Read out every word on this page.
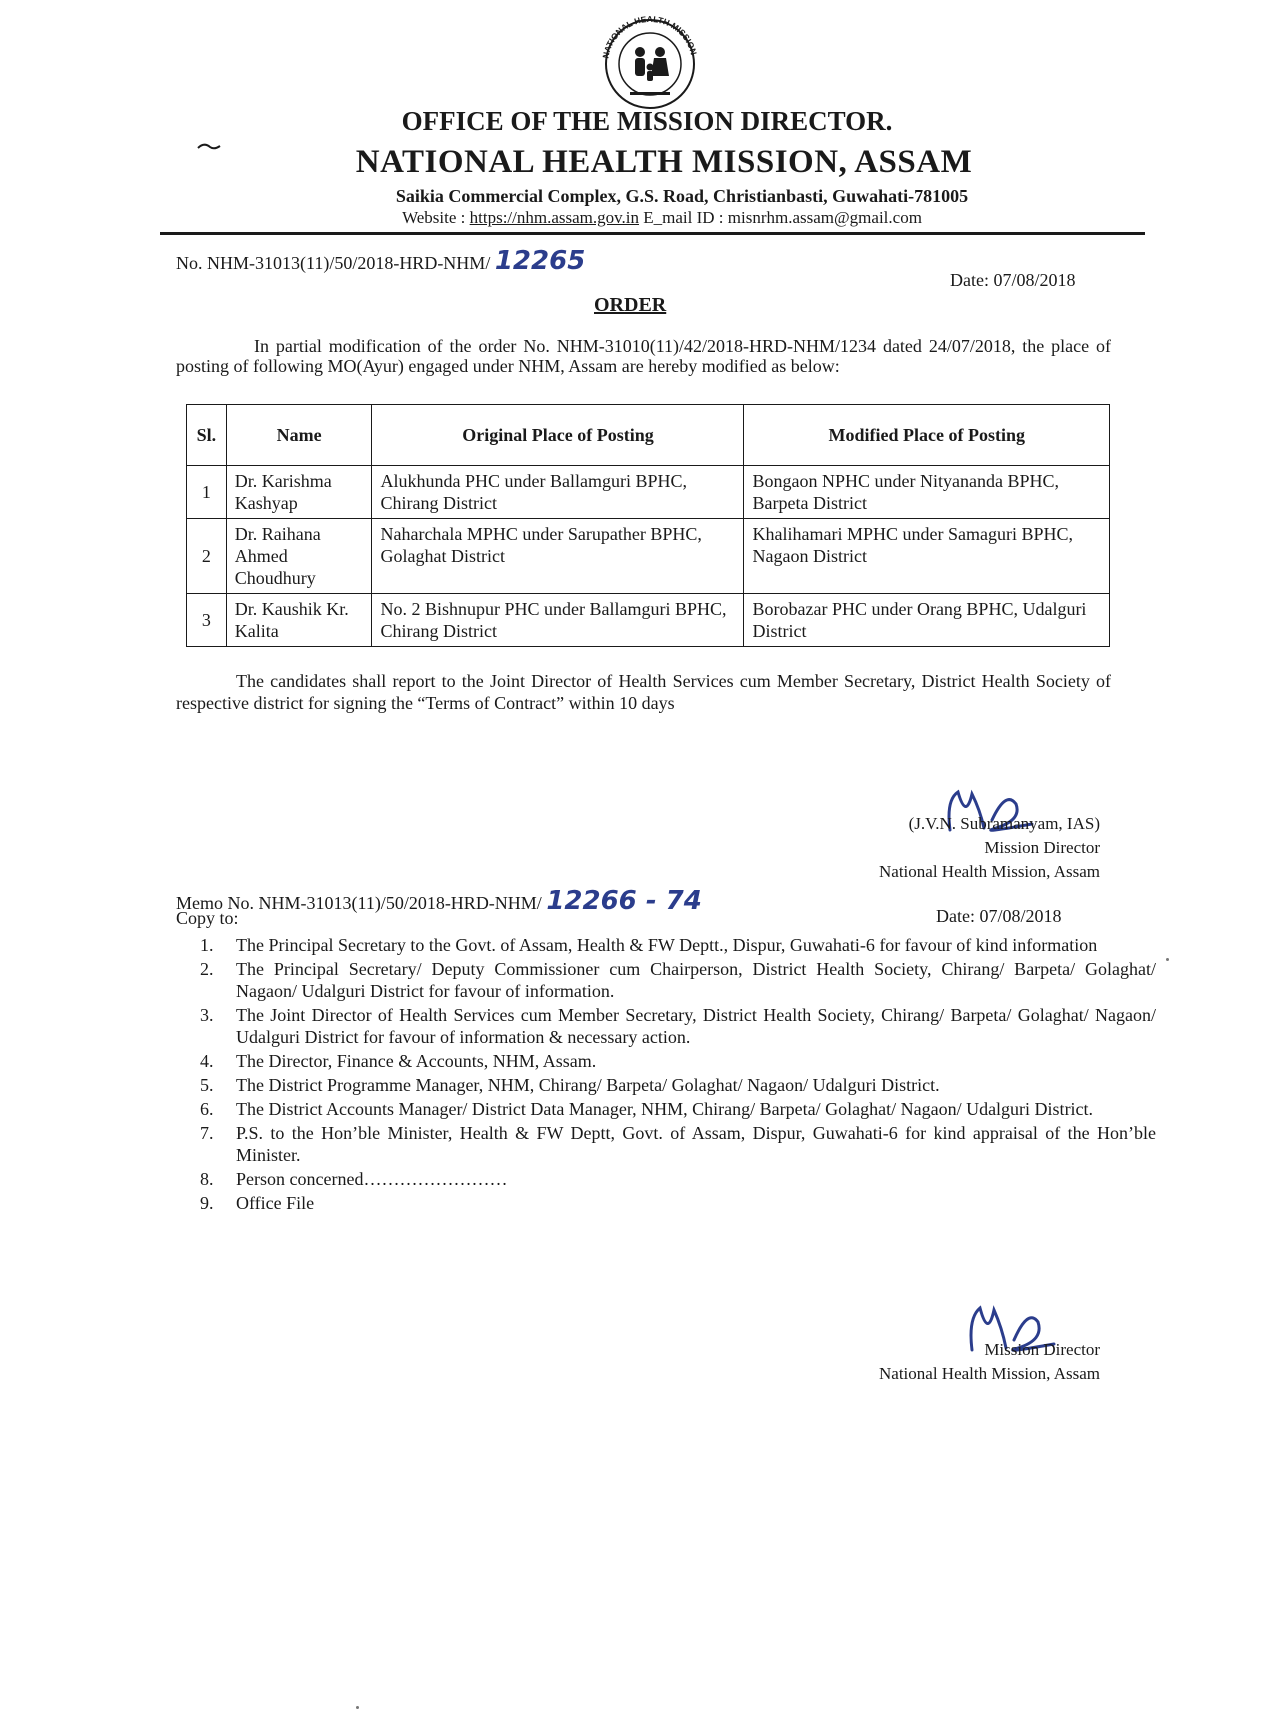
NATIONAL HEALTH MISSION
OFFICE OF THE MISSION DIRECTOR.
NATIONAL HEALTH MISSION, ASSAM
Saikia Commercial Complex, G.S. Road, Christianbasti, Guwahati-781005
Website : https://nhm.assam.gov.in E_mail ID : misnrhm.assam@gmail.com
No. NHM-31013(11)/50/2018-HRD-NHM/ 12265
Date: 07/08/2018
ORDER
In partial modification of the order No. NHM-31010(11)/42/2018-HRD-NHM/1234 dated 24/07/2018, the place of posting of following MO(Ayur) engaged under NHM, Assam are hereby modified as below:
Sl.	Name	Original Place of Posting	Modified Place of Posting
1	Dr. Karishma Kashyap	Alukhunda PHC under Ballamguri BPHC, Chirang District	Bongaon NPHC under Nityananda BPHC, Barpeta District
2	Dr. Raihana Ahmed Choudhury	Naharchala MPHC under Sarupather BPHC, Golaghat District	Khalihamari MPHC under Samaguri BPHC, Nagaon District
3	Dr. Kaushik Kr. Kalita	No. 2 Bishnupur PHC under Ballamguri BPHC, Chirang District	Borobazar PHC under Orang BPHC, Udalguri District
The candidates shall report to the Joint Director of Health Services cum Member Secretary, District Health Society of respective district for signing the “Terms of Contract” within 10 days
(J.V.N. Subramanyam, IAS)
Mission Director
National Health Mission, Assam
Memo No. NHM-31013(11)/50/2018-HRD-NHM/ 12266 - 74
Copy to:	Date: 07/08/2018
1. The Principal Secretary to the Govt. of Assam, Health & FW Deptt., Dispur, Guwahati-6 for favour of kind information
2. The Principal Secretary/ Deputy Commissioner cum Chairperson, District Health Society, Chirang/ Barpeta/ Golaghat/ Nagaon/ Udalguri District for favour of information.
3. The Joint Director of Health Services cum Member Secretary, District Health Society, Chirang/ Barpeta/ Golaghat/ Nagaon/ Udalguri District for favour of information & necessary action.
4. The Director, Finance & Accounts, NHM, Assam.
5. The District Programme Manager, NHM, Chirang/ Barpeta/ Golaghat/ Nagaon/ Udalguri District.
6. The District Accounts Manager/ District Data Manager, NHM, Chirang/ Barpeta/ Golaghat/ Nagaon/ Udalguri District.
7. P.S. to the Hon’ble Minister, Health & FW Deptt, Govt. of Assam, Dispur, Guwahati-6 for kind appraisal of the Hon’ble Minister.
8. Person concerned……………………
9. Office File
Mission Director
National Health Mission, Assam
